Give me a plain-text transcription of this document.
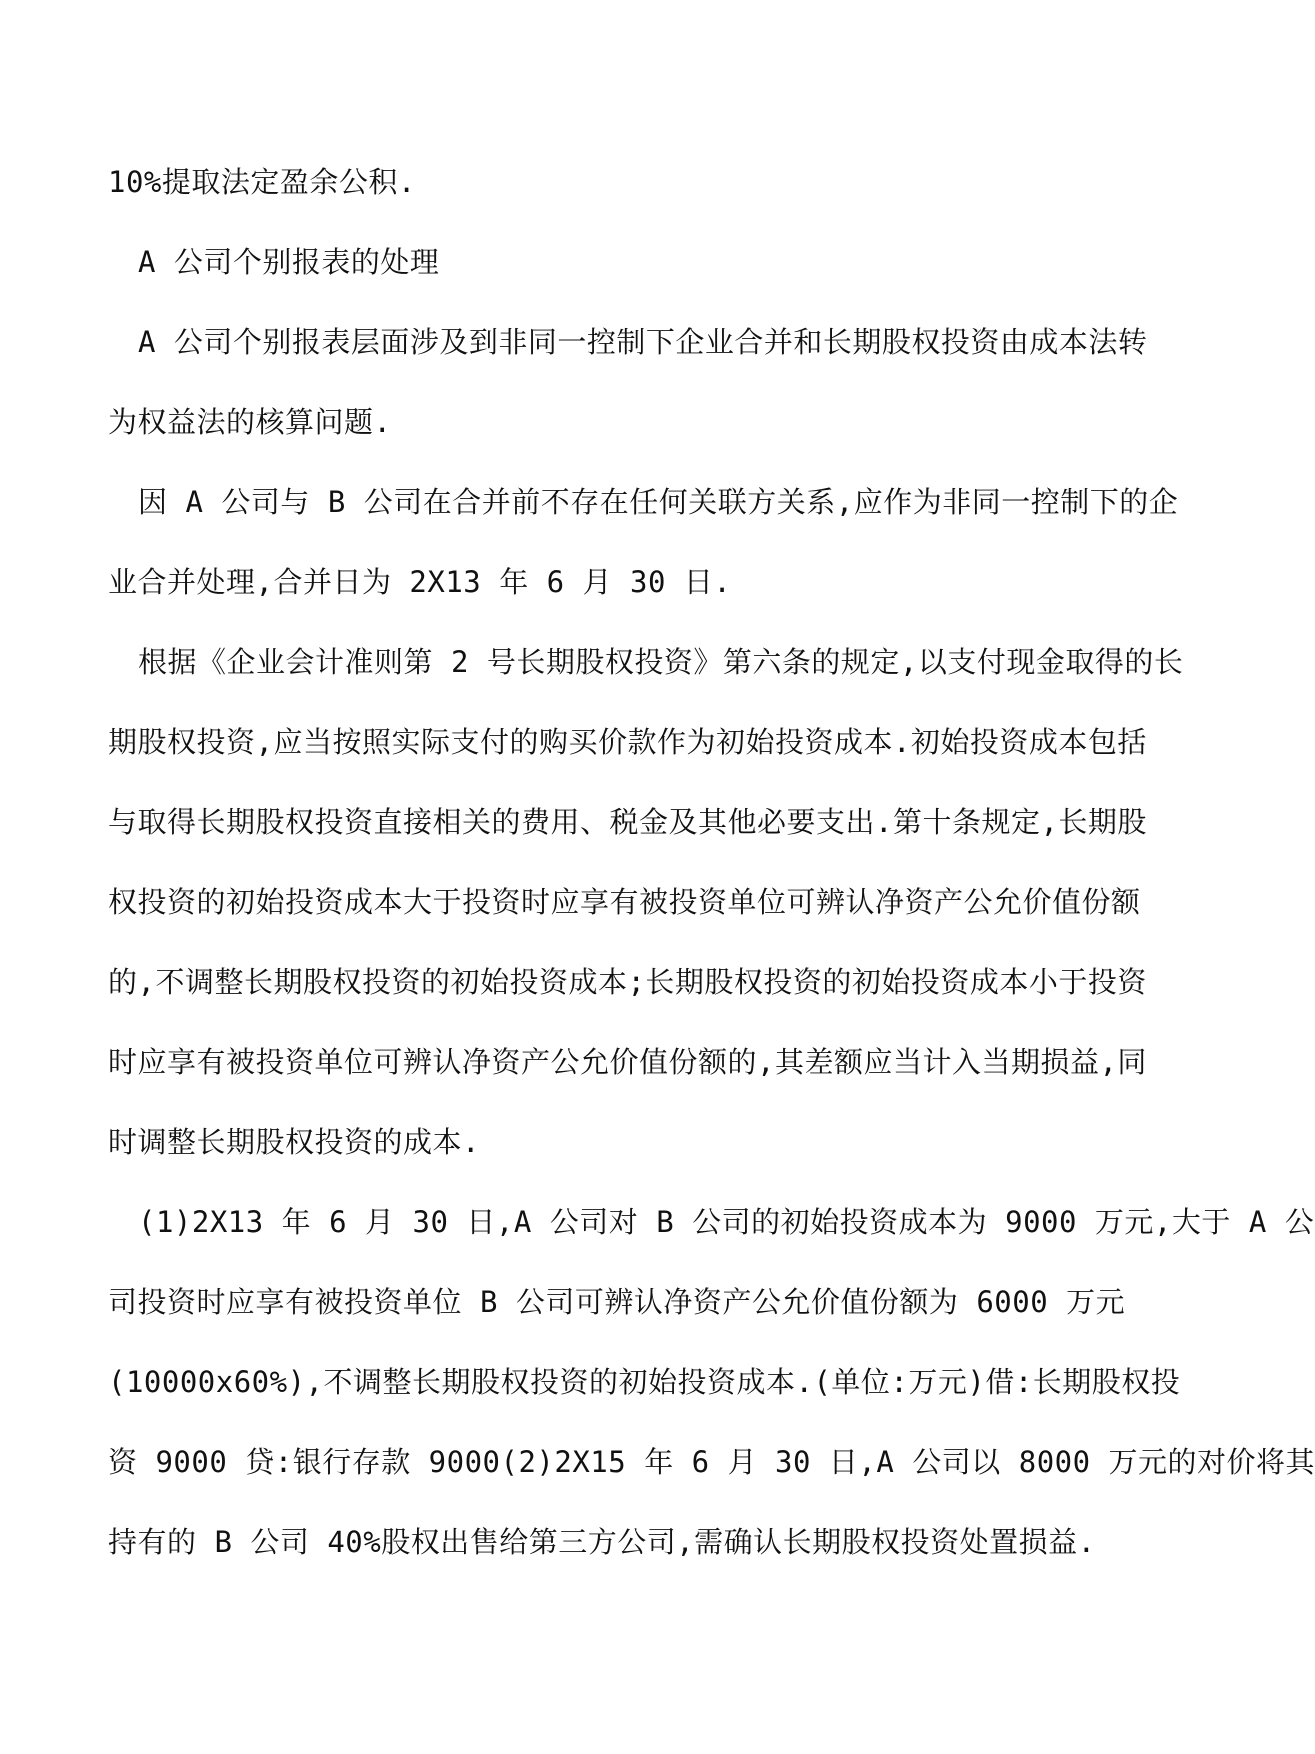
10%提取法定盈余公积.

A 公司个别报表的处理

A 公司个别报表层面涉及到非同一控制下企业合并和长期股权投资由成本法转

为权益法的核算问题.

因 A 公司与 B 公司在合并前不存在任何关联方关系,应作为非同一控制下的企

业合并处理,合并日为 2X13 年 6 月 30 日.

根据《企业会计准则第 2 号长期股权投资》第六条的规定,以支付现金取得的长

期股权投资,应当按照实际支付的购买价款作为初始投资成本.初始投资成本包括

与取得长期股权投资直接相关的费用、税金及其他必要支出.第十条规定,长期股

权投资的初始投资成本大于投资时应享有被投资单位可辨认净资产公允价值份额

的,不调整长期股权投资的初始投资成本;长期股权投资的初始投资成本小于投资

时应享有被投资单位可辨认净资产公允价值份额的,其差额应当计入当期损益,同

时调整长期股权投资的成本.

(1)2X13 年 6 月 30 日,A 公司对 B 公司的初始投资成本为 9000 万元,大于 A 公

司投资时应享有被投资单位 B 公司可辨认净资产公允价值份额为 6000 万元

(10000x60%),不调整长期股权投资的初始投资成本.(单位:万元)借:长期股权投

资 9000 贷:银行存款 9000(2)2X15 年 6 月 30 日,A 公司以 8000 万元的对价将其

持有的 B 公司 40%股权出售给第三方公司,需确认长期股权投资处置损益.
